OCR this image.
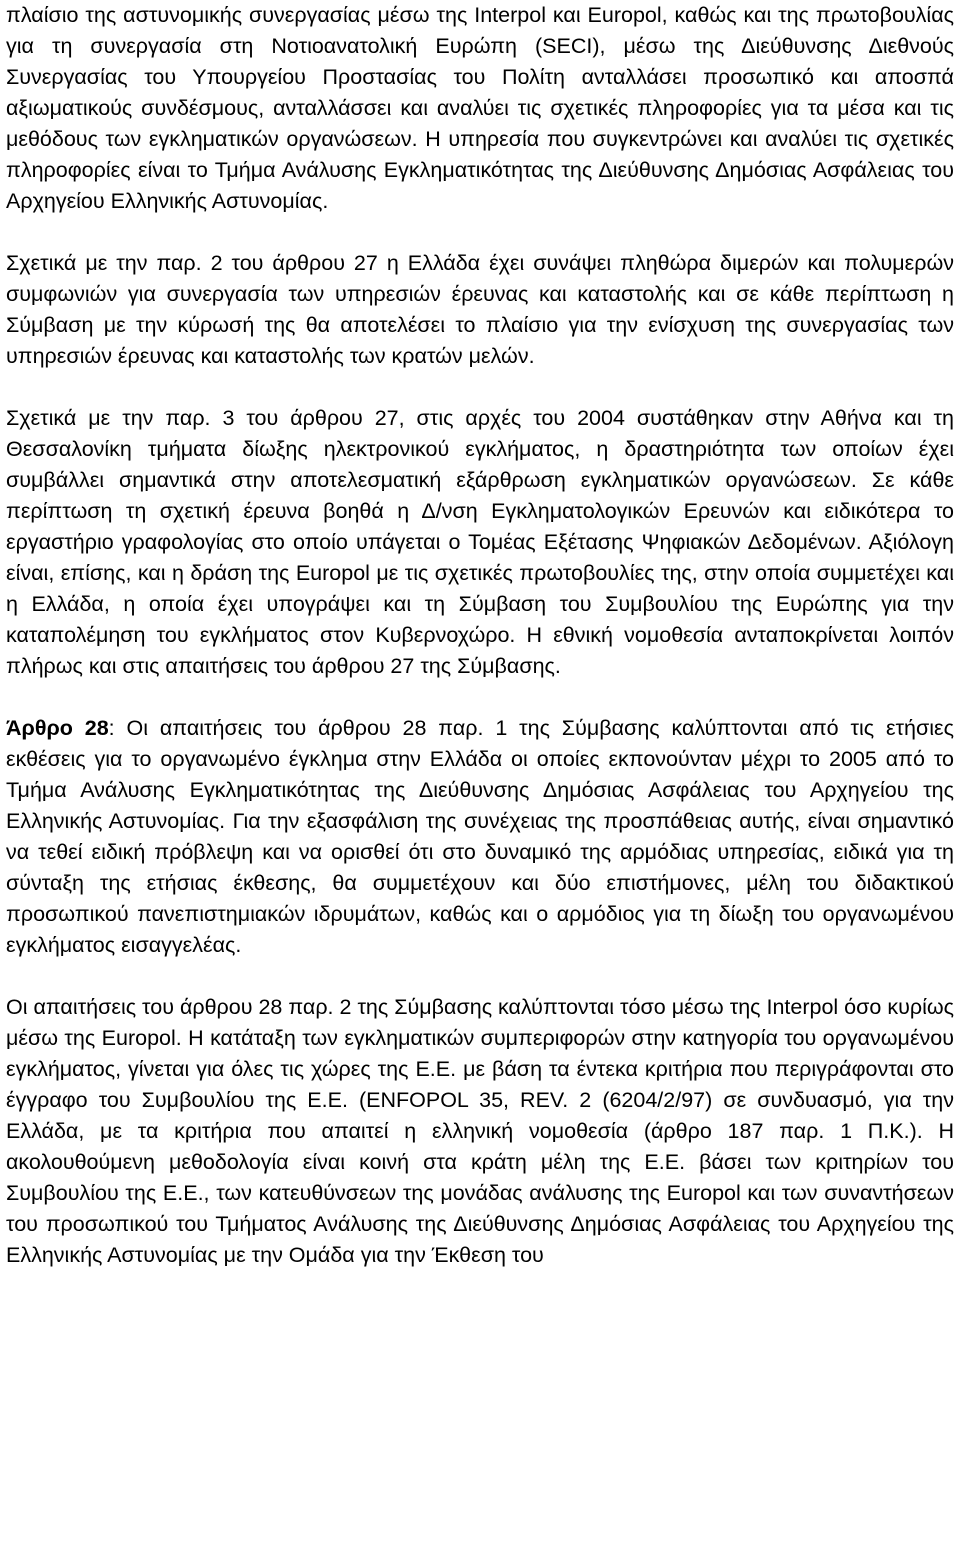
πλαίσιο της αστυνομικής συνεργασίας μέσω της Interpol και Europol, καθώς και της πρωτοβουλίας για τη συνεργασία στη Νοτιοανατολική Ευρώπη (SECI), μέσω της Διεύθυνσης Διεθνούς Συνεργασίας του Υπουργείου Προστασίας του Πολίτη ανταλλάσει προσωπικό και αποσπά αξιωματικούς συνδέσμους, ανταλλάσσει και αναλύει τις σχετικές πληροφορίες για τα μέσα και τις μεθόδους των εγκληματικών οργανώσεων. Η υπηρεσία που συγκεντρώνει και αναλύει τις σχετικές πληροφορίες είναι το Τμήμα Ανάλυσης Εγκληματικότητας της Διεύθυνσης Δημόσιας Ασφάλειας του Αρχηγείου Ελληνικής Αστυνομίας.

Σχετικά με την παρ. 2 του άρθρου 27 η Ελλάδα έχει συνάψει πληθώρα διμερών και πολυμερών συμφωνιών για συνεργασία των υπηρεσιών έρευνας και καταστολής και σε κάθε περίπτωση η Σύμβαση με την κύρωσή της θα αποτελέσει το πλαίσιο για την ενίσχυση της συνεργασίας των υπηρεσιών έρευνας και καταστολής των κρατών μελών.

Σχετικά με την παρ. 3 του άρθρου 27, στις αρχές του 2004 συστάθηκαν στην Αθήνα και τη Θεσσαλονίκη τμήματα δίωξης ηλεκτρονικού εγκλήματος, η δραστηριότητα των οποίων έχει συμβάλλει σημαντικά στην αποτελεσματική εξάρθρωση εγκληματικών οργανώσεων. Σε κάθε περίπτωση τη σχετική έρευνα βοηθά η Δ/νση Εγκληματολογικών Ερευνών και ειδικότερα το εργαστήριο γραφολογίας στο οποίο υπάγεται ο Τομέας Εξέτασης Ψηφιακών Δεδομένων. Αξιόλογη είναι, επίσης, και η δράση της Europol με τις σχετικές πρωτοβουλίες της, στην οποία συμμετέχει και η Ελλάδα, η οποία έχει υπογράψει και τη Σύμβαση του Συμβουλίου της Ευρώπης για την καταπολέμηση του εγκλήματος στον Κυβερνοχώρο. Η εθνική νομοθεσία ανταποκρίνεται λοιπόν πλήρως και στις απαιτήσεις του άρθρου 27 της Σύμβασης.

Άρθρο 28: Οι απαιτήσεις του άρθρου 28 παρ. 1 της Σύμβασης καλύπτονται από τις ετήσιες εκθέσεις για το οργανωμένο έγκλημα στην Ελλάδα οι οποίες εκπονούνταν μέχρι το 2005 από το Τμήμα Ανάλυσης Εγκληματικότητας της Διεύθυνσης Δημόσιας Ασφάλειας του Αρχηγείου της Ελληνικής Αστυνομίας. Για την εξασφάλιση της συνέχειας της προσπάθειας αυτής, είναι σημαντικό να τεθεί ειδική πρόβλεψη και να ορισθεί ότι στο δυναμικό της αρμόδιας υπηρεσίας, ειδικά για τη σύνταξη της ετήσιας έκθεσης, θα συμμετέχουν και δύο επιστήμονες, μέλη του διδακτικού προσωπικού πανεπιστημιακών ιδρυμάτων, καθώς και ο αρμόδιος για τη δίωξη του οργανωμένου εγκλήματος εισαγγελέας.

Οι απαιτήσεις του άρθρου 28 παρ. 2 της Σύμβασης καλύπτονται τόσο μέσω της Interpol όσο κυρίως μέσω της Europol. Η κατάταξη των εγκληματικών συμπεριφορών στην κατηγορία του οργανωμένου εγκλήματος, γίνεται για όλες τις χώρες της Ε.Ε. με βάση τα έντεκα κριτήρια που περιγράφονται στο έγγραφο του Συμβουλίου της Ε.Ε. (ENFOPOL 35, REV. 2 (6204/2/97) σε συνδυασμό, για την Ελλάδα, με τα κριτήρια που απαιτεί η ελληνική νομοθεσία (άρθρο 187 παρ. 1 Π.Κ.). Η ακολουθούμενη μεθοδολογία είναι κοινή στα κράτη μέλη της Ε.Ε. βάσει των κριτηρίων του Συμβουλίου της Ε.Ε., των κατευθύνσεων της μονάδας ανάλυσης της Europol και των συναντήσεων του προσωπικού του Τμήματος Ανάλυσης της Διεύθυνσης Δημόσιας Ασφάλειας του Αρχηγείου της Ελληνικής Αστυνομίας με την Ομάδα για την Έκθεση του
